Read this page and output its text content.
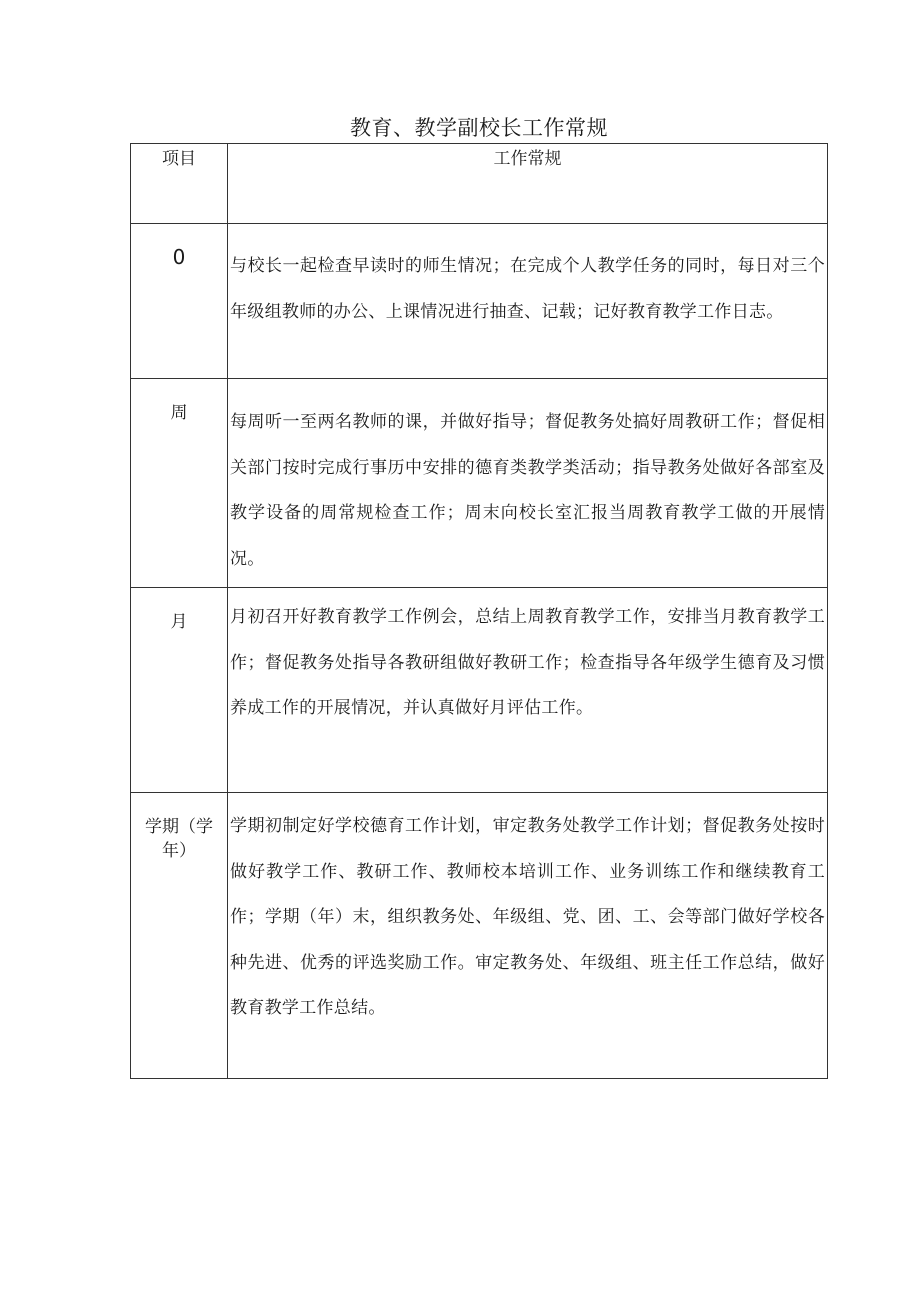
教育、教学副校长工作常规
项目	工作常规

0	与校长一起检查早读时的师生情况；在完成个人教学任务的同时，每日对三个年级组教师的办公、上课情况进行抽查、记载；记好教育教学工作日志。

周	每周听一至两名教师的课，并做好指导；督促教务处搞好周教研工作；督促相关部门按时完成行事历中安排的德育类教学类活动；指导教务处做好各部室及教学设备的周常规检查工作；周末向校长室汇报当周教育教学工做的开展情况。

月	月初召开好教育教学工作例会，总结上周教育教学工作，安排当月教育教学工作；督促教务处指导各教研组做好教研工作；检查指导各年级学生德育及习惯养成工作的开展情况，并认真做好月评估工作。

学期（学年）	学期初制定好学校德育工作计划，审定教务处教学工作计划；督促教务处按时做好教学工作、教研工作、教师校本培训工作、业务训练工作和继续教育工作；学期（年）末，组织教务处、年级组、党、团、工、会等部门做好学校各种先进、优秀的评选奖励工作。审定教务处、年级组、班主任工作总结，做好教育教学工作总结。
